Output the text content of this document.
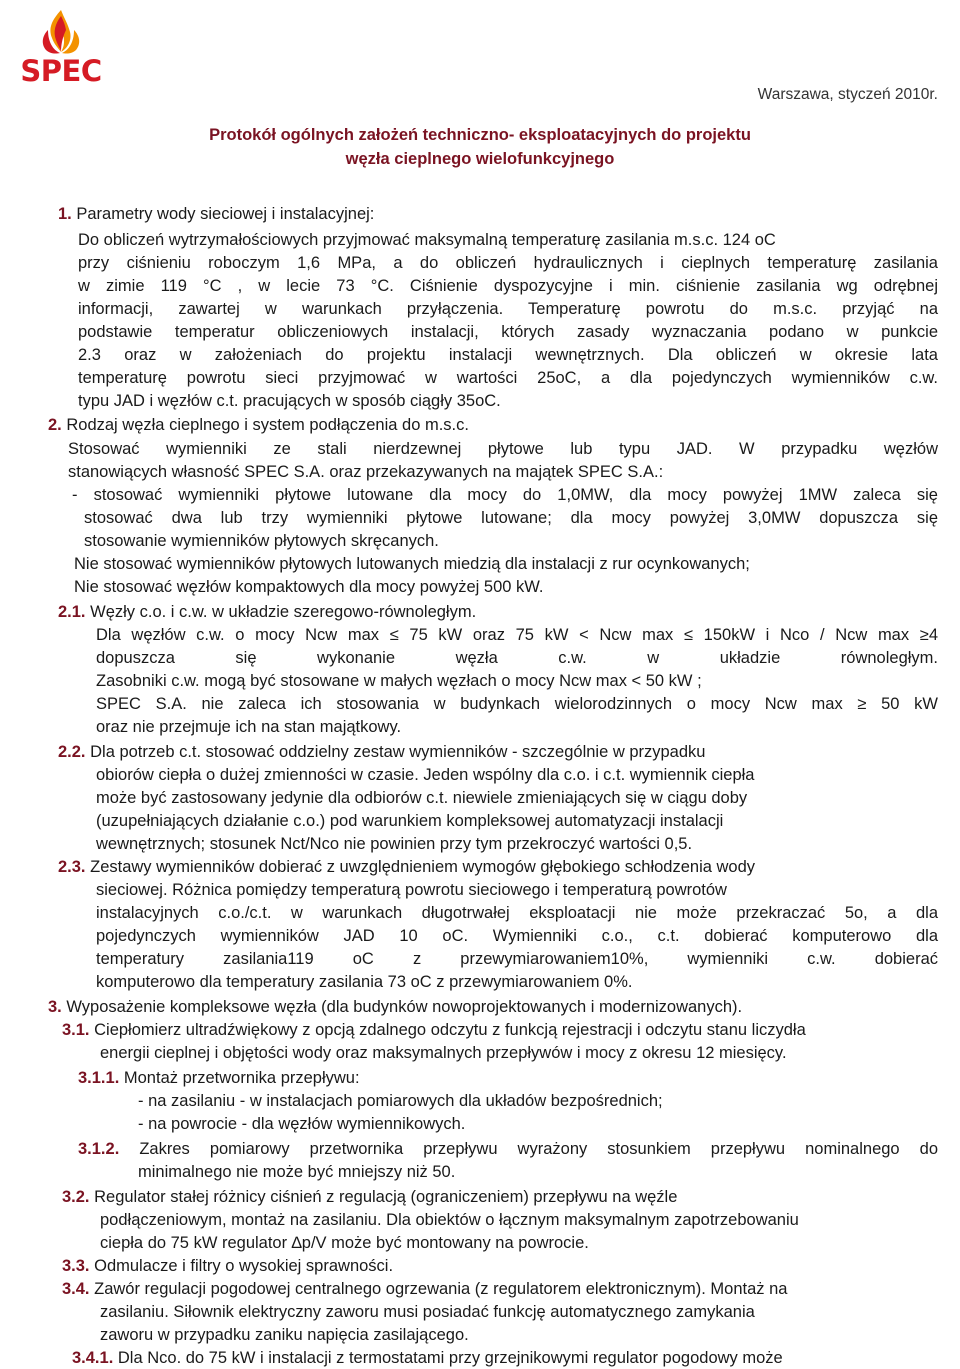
SPEC
Warszawa, styczeń 2010r.
Protokół ogólnych założeń techniczno- eksploatacyjnych do projektu
węzła cieplnego wielofunkcyjnego
1. Parametry wody sieciowej i instalacyjnej:
Do obliczeń wytrzymałościowych przyjmować maksymalną temperaturę zasilania m.s.c. 124 oC
przy ciśnieniu roboczym 1,6 MPa, a do obliczeń hydraulicznych i cieplnych temperaturę zasilania
w zimie 119 °C , w lecie 73 °C. Ciśnienie dyspozycyjne i min. ciśnienie zasilania wg odrębnej
informacji, zawartej w warunkach przyłączenia. Temperaturę powrotu do m.s.c. przyjąć na
podstawie temperatur obliczeniowych instalacji, których zasady wyznaczania podano w punkcie
2.3 oraz w założeniach do projektu instalacji wewnętrznych. Dla obliczeń w okresie lata
temperaturę powrotu sieci przyjmować w wartości 25oC, a dla pojedynczych wymienników c.w.
typu JAD i węzłów c.t. pracujących w sposób ciągły 35oC.
2. Rodzaj węzła cieplnego i system podłączenia do m.s.c.
Stosować wymienniki ze stali nierdzewnej płytowe lub typu JAD. W przypadku węzłów
stanowiących własność SPEC S.A. oraz przekazywanych na majątek SPEC S.A.:
- stosować wymienniki płytowe lutowane dla mocy do 1,0MW, dla mocy powyżej 1MW zaleca się
stosować dwa lub trzy wymienniki płytowe lutowane; dla mocy powyżej 3,0MW dopuszcza się
stosowanie wymienników płytowych skręcanych.
Nie stosować wymienników płytowych lutowanych miedzią dla instalacji z rur ocynkowanych;
Nie stosować węzłów kompaktowych dla mocy powyżej 500 kW.
2.1. Węzły c.o. i c.w. w układzie szeregowo-równoległym.
Dla węzłów c.w. o mocy Ncw max ≤ 75 kW oraz 75 kW < Ncw max ≤ 150kW i Nco / Ncw max ≥4
dopuszcza się wykonanie węzła c.w. w układzie równoległym.
Zasobniki c.w. mogą być stosowane w małych węzłach o mocy Ncw max < 50 kW ;
SPEC S.A. nie zaleca ich stosowania w budynkach wielorodzinnych o mocy Ncw max ≥ 50 kW
oraz nie przejmuje ich na stan majątkowy.
2.2. Dla potrzeb c.t. stosować oddzielny zestaw wymienników - szczególnie w przypadku
obiorów ciepła o dużej zmienności w czasie. Jeden wspólny dla c.o. i c.t. wymiennik ciepła
może być zastosowany jedynie dla odbiorów c.t. niewiele zmieniających się w ciągu doby
(uzupełniających działanie c.o.) pod warunkiem kompleksowej automatyzacji instalacji
wewnętrznych; stosunek Nct/Nco nie powinien przy tym przekroczyć wartości 0,5.
2.3. Zestawy wymienników dobierać z uwzględnieniem wymogów głębokiego schłodzenia wody
sieciowej. Różnica pomiędzy temperaturą powrotu sieciowego i temperaturą powrotów
instalacyjnych c.o./c.t. w warunkach długotrwałej eksploatacji nie może przekraczać 5o, a dla
pojedynczych wymienników JAD 10 oC. Wymienniki c.o., c.t. dobierać komputerowo dla
temperatury zasilania119 oC z przewymiarowaniem10%, wymienniki c.w. dobierać
komputerowo dla temperatury zasilania 73 oC z przewymiarowaniem 0%.
3. Wyposażenie kompleksowe węzła (dla budynków nowoprojektowanych i modernizowanych).
3.1. Ciepłomierz ultradźwiękowy z opcją zdalnego odczytu z funkcją rejestracji i odczytu stanu liczydła
energii cieplnej i objętości wody oraz maksymalnych przepływów i mocy z okresu 12 miesięcy.
3.1.1. Montaż przetwornika przepływu:
- na zasilaniu - w instalacjach pomiarowych dla układów bezpośrednich;
- na powrocie - dla węzłów wymiennikowych.
3.1.2. Zakres pomiarowy przetwornika przepływu wyrażony stosunkiem przepływu nominalnego do
minimalnego nie może być mniejszy niż 50.
3.2. Regulator stałej różnicy ciśnień z regulacją (ograniczeniem) przepływu na węźle
podłączeniowym, montaż na zasilaniu. Dla obiektów o łącznym maksymalnym zapotrzebowaniu
ciepła do 75 kW regulator ∆p/V może być montowany na powrocie.
3.3. Odmulacze i filtry o wysokiej sprawności.
3.4. Zawór regulacji pogodowej centralnego ogrzewania (z regulatorem elektronicznym). Montaż na
zasilaniu. Siłownik elektryczny zaworu musi posiadać funkcję automatycznego zamykania
zaworu w przypadku zaniku napięcia zasilającego.
3.4.1. Dla Nco. do 75 kW i instalacji z termostatami przy grzejnikowymi regulator pogodowy może
